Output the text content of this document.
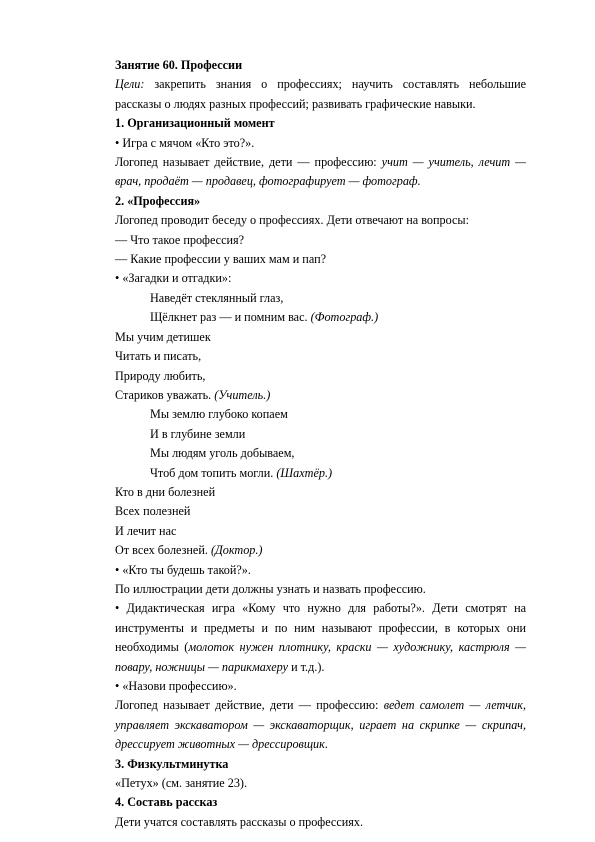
Занятие 60. Профессии
Цели: закрепить знания о профессиях; научить составлять небольшие рассказы о людях разных профессий; развивать графические навыки.
1. Организационный момент
• Игра с мячом «Кто это?».
Логопед называет действие, дети — профессию: учит — учитель, лечит — врач, продаёт — продавец, фотографирует — фотограф.
2. «Профессия»
Логопед проводит беседу о профессиях. Дети отвечают на вопросы:
— Что такое профессия?
— Какие профессии у ваших мам и пап?
• «Загадки и отгадки»:
Наведёт стеклянный глаз,
Щёлкнет раз — и помним вас. (Фотограф.)
Мы учим детишек
Читать и писать,
Природу любить,
Стариков уважать. (Учитель.)
Мы землю глубоко копаем
И в глубине земли
Мы людям уголь добываем,
Чтоб дом топить могли. (Шахтёр.)
Кто в дни болезней
Всех полезней
И лечит нас
От всех болезней. (Доктор.)
• «Кто ты будешь такой?».
По иллюстрации дети должны узнать и назвать профессию.
• Дидактическая игра «Кому что нужно для работы?». Дети смотрят на инструменты и предметы и по ним называют профессии, в которых они необходимы (молоток нужен плотнику, краски — художнику, кастрюля — повару, ножницы — парикмахеру и т.д.).
• «Назови профессию».
Логопед называет действие, дети — профессию: ведет самолет — летчик, управляет экскаватором — экскаваторщик, играет на скрипке — скрипач, дрессирует животных — дрессировщик.
3. Физкультминутка
«Петух» (см. занятие 23).
4. Составь рассказ
Дети учатся составлять рассказы о профессиях.
